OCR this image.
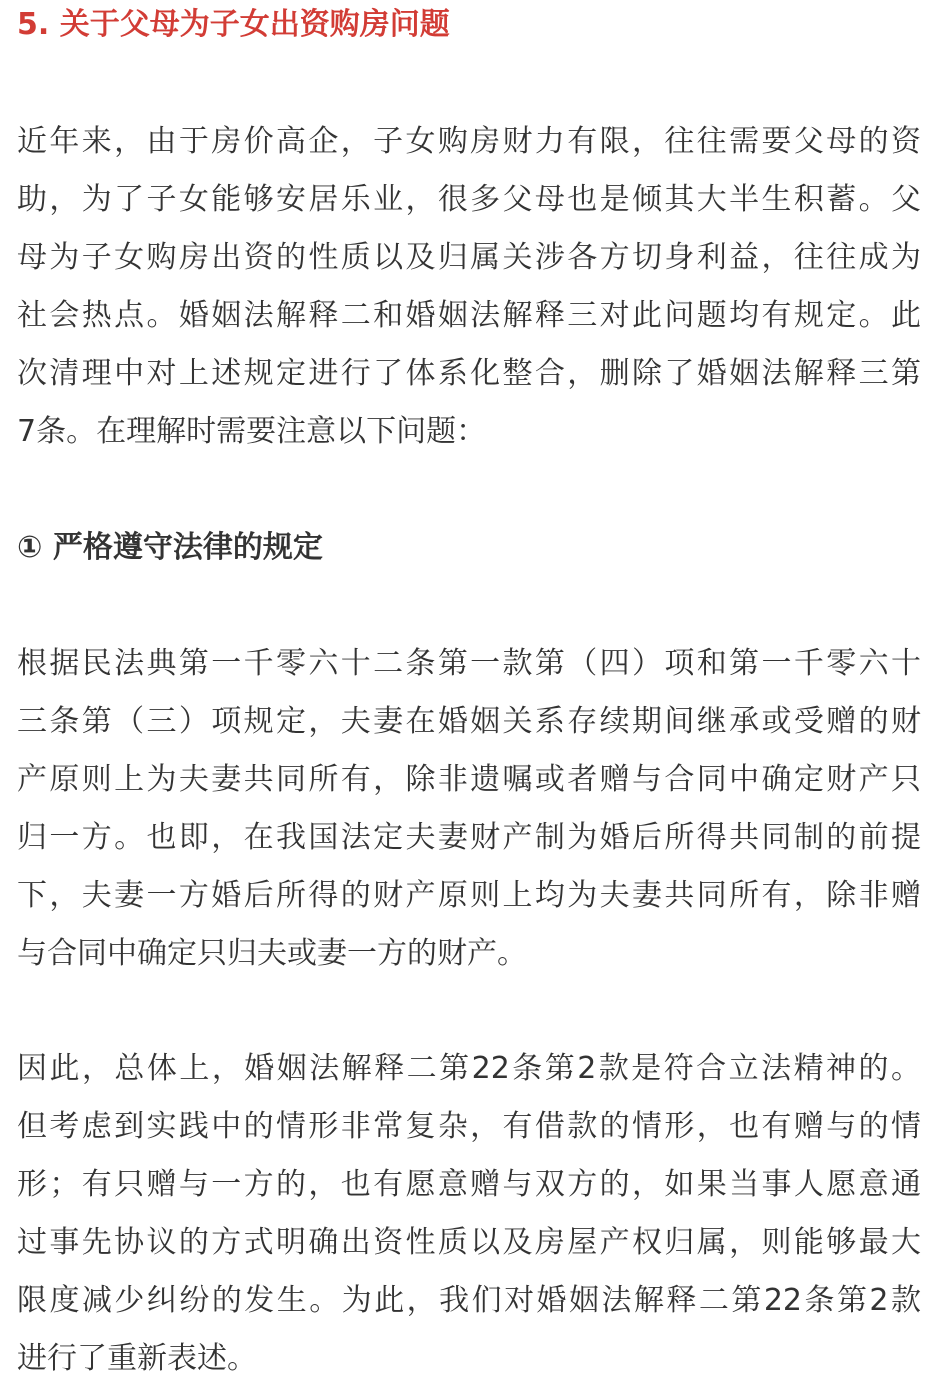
5. 关于父母为子女出资购房问题
近年来，由于房价高企，子女购房财力有限，往往需要父母的资
助，为了子女能够安居乐业，很多父母也是倾其大半生积蓄。父
母为子女购房出资的性质以及归属关涉各方切身利益，往往成为
社会热点。婚姻法解释二和婚姻法解释三对此问题均有规定。此
次清理中对上述规定进行了体系化整合，删除了婚姻法解释三第
7条。在理解时需要注意以下问题：
① 严格遵守法律的规定
根据民法典第一千零六十二条第一款第（四）项和第一千零六十
三条第（三）项规定，夫妻在婚姻关系存续期间继承或受赠的财
产原则上为夫妻共同所有，除非遗嘱或者赠与合同中确定财产只
归一方。也即，在我国法定夫妻财产制为婚后所得共同制的前提
下，夫妻一方婚后所得的财产原则上均为夫妻共同所有，除非赠
与合同中确定只归夫或妻一方的财产。
因此，总体上，婚姻法解释二第22条第2款是符合立法精神的。
但考虑到实践中的情形非常复杂，有借款的情形，也有赠与的情
形；有只赠与一方的，也有愿意赠与双方的，如果当事人愿意通
过事先协议的方式明确出资性质以及房屋产权归属，则能够最大
限度减少纠纷的发生。为此，我们对婚姻法解释二第22条第2款
进行了重新表述。
